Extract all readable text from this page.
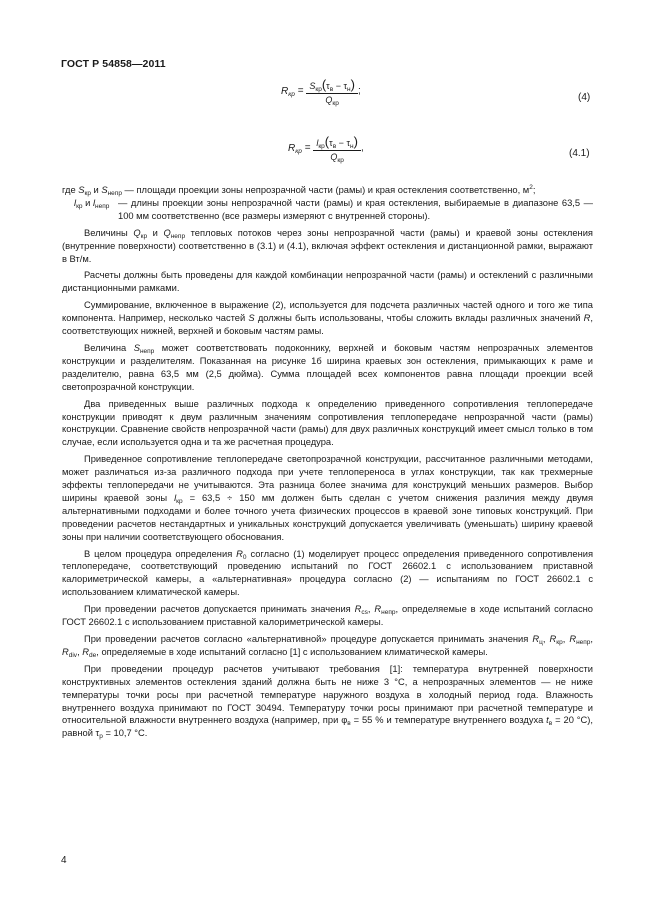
ГОСТ Р 54858—2011
$R_{кр} = \frac{S_{кр}(\tau_в - \tau_н)}{Q_{кр}}$ ;
(4)
$R_{кр} = \frac{l_{кр}(\tau_в - \tau_н)}{Q_{кр}}$ ,	(4.1)

где $S_{кр}$ и $S_{непр}$ — площади проекции зоны непрозрачной части (рамы) и края остекления соответственно, $м^2$;

$l_{кр}$ и $l_{непр}$ — длины проекции зоны непрозрачной части (рамы) и края остекления, выбираемые в диапазоне 63,5 — 100 мм соответственно (все размеры измеряют с внутренней стороны).

Величины $Q_{кр}$ и $Q_{непр}$ тепловых потоков через зоны непрозрачной части (рамы) и краевой зоны остекления (внутренние поверхности) соответственно в (3.1) и (4.1), включая эффект остекления и дистанционной рамки, выражают в Вт/м.

Расчеты должны быть проведены для каждой комбинации непрозрачной части (рамы) и остеклений с различными дистанционными рамками.

Суммирование, включенное в выражение (2), используется для подсчета различных частей одного и того же типа компонента. Например, несколько частей S должны быть использованы, чтобы сложить вклады различных значений R, соответствующих нижней, верхней и боковым частям рамы.

Величина $S_{непр}$ может соответствовать подоконнику, верхней и боковым частям непрозрачных элементов конструкции и разделителям. Показанная на рисунке 1б ширина краевых зон остекления, примыкающих к раме и разделителю, равна 63,5 мм (2,5 дюйма). Сумма площадей всех компонентов равна площади проекции всей светопрозрачной конструкции.

Два приведенных выше различных подхода к определению приведенного сопротивления теплопередаче конструкции приводят к двум различным значениям сопротивления теплопередаче непрозрачной части (рамы) конструкции. Сравнение свойств непрозрачной части (рамы) для двух различных конструкций имеет смысл только в том случае, если используется одна и та же расчетная процедура.

Приведенное сопротивление теплопередаче светопрозрачной конструкции, рассчитанное различными методами, может различаться из-за различного подхода при учете теплопереноса в углах конструкции, так как трехмерные эффекты теплопередачи не учитываются. Эта разница более значима для конструкций меньших размеров. Выбор ширины краевой зоны $l_{кр} = 63,5 \div 150$ мм должен быть сделан с учетом снижения различия между двумя альтернативными подходами и более точного учета физических процессов в краевой зоне типовых конструкций. При проведении расчетов нестандартных и уникальных конструкций допускается увеличивать (уменьшать) ширину краевой зоны при наличии соответствующего обоснования.

В целом процедура определения $R_0$ согласно (1) моделирует процесс определения приведенного сопротивления теплопередаче, соответствующий проведению испытаний по ГОСТ 26602.1 с использованием приставной калориметрической камеры, а «альтернативная» процедура согласно (2) — испытаниям по ГОСТ 26602.1 с использованием климатической камеры.

При проведении расчетов допускается принимать значения $R_{cs}$, $R_{непр}$, определяемые в ходе испытаний согласно ГОСТ 26602.1 с использованием приставной калориметрической камеры.

При проведении расчетов согласно «альтернативной» процедуре допускается принимать значения $R_ц$, $R_{кр}$, $R_{непр}$, $R_{div}$, $R_{de}$, определяемые в ходе испытаний согласно [1] с использованием климатической камеры.

При проведении процедур расчетов учитывают требования [1]: температура внутренней поверхности конструктивных элементов остекления зданий должна быть не ниже 3 °С, а непрозрачных элементов — не ниже температуры точки росы при расчетной температуре наружного воздуха в холодный период года. Влажность внутреннего воздуха принимают по ГОСТ 30494. Температуру точки росы принимают при расчетной температуре и относительной влажности внутреннего воздуха (например, при $\varphi_в = 55$ % и температуре внутреннего воздуха $t_в = 20$ °С), равной $\tau_р = 10,7$ °С.

4
